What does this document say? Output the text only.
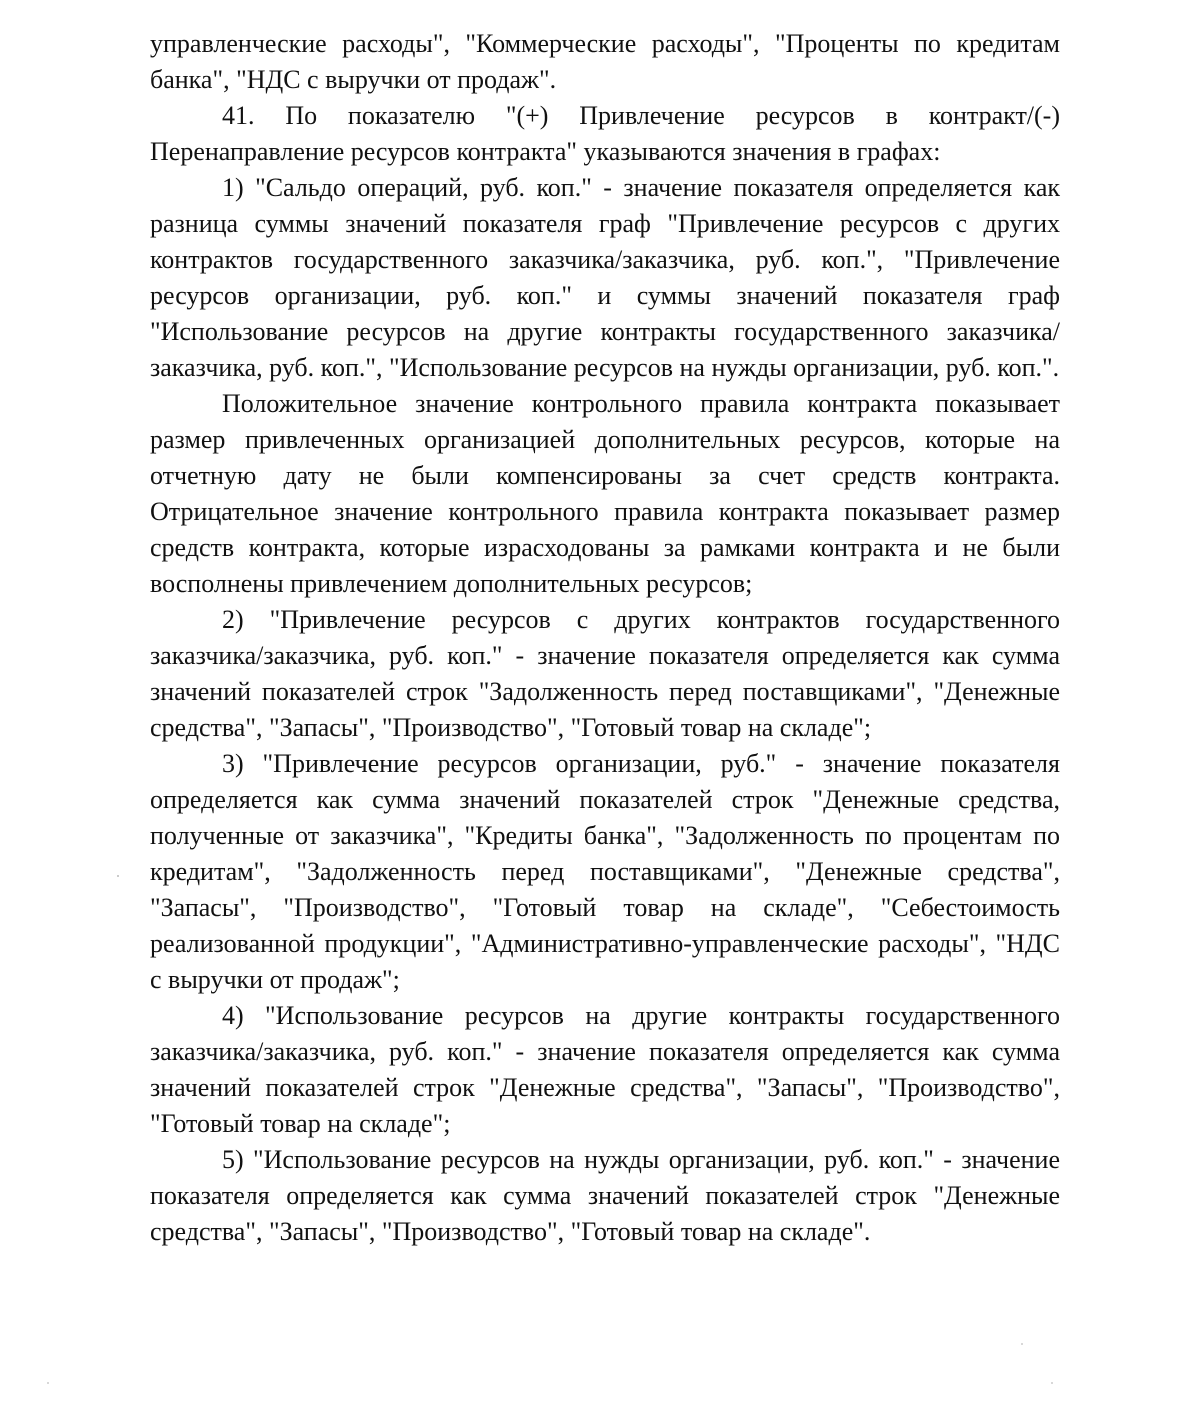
управленческие расходы", "Коммерческие расходы", "Проценты по кредитам банка", "НДС с выручки от продаж".

41. По показателю "(+) Привлечение ресурсов в контракт/(-) Перенаправление ресурсов контракта" указываются значения в графах:

1) "Сальдо операций, руб. коп." - значение показателя определяется как разница суммы значений показателя граф "Привлечение ресурсов с других контрактов государственного заказчика/заказчика, руб. коп.", "Привлечение ресурсов организации, руб. коп." и суммы значений показателя граф "Использование ресурсов на другие контракты государственного заказчика/заказчика, руб. коп.", "Использование ресурсов на нужды организации, руб. коп.".

Положительное значение контрольного правила контракта показывает размер привлеченных организацией дополнительных ресурсов, которые на отчетную дату не были компенсированы за счет средств контракта. Отрицательное значение контрольного правила контракта показывает размер средств контракта, которые израсходованы за рамками контракта и не были восполнены привлечением дополнительных ресурсов;

2) "Привлечение ресурсов с других контрактов государственного заказчика/заказчика, руб. коп." - значение показателя определяется как сумма значений показателей строк "Задолженность перед поставщиками", "Денежные средства", "Запасы", "Производство", "Готовый товар на складе";

3) "Привлечение ресурсов организации, руб." - значение показателя определяется как сумма значений показателей строк "Денежные средства, полученные от заказчика", "Кредиты банка", "Задолженность по процентам по кредитам", "Задолженность перед поставщиками", "Денежные средства", "Запасы", "Производство", "Готовый товар на складе", "Себестоимость реализованной продукции", "Административно-управленческие расходы", "НДС с выручки от продаж";

4) "Использование ресурсов на другие контракты государственного заказчика/заказчика, руб. коп." - значение показателя определяется как сумма значений показателей строк "Денежные средства", "Запасы", "Производство", "Готовый товар на складе";

5) "Использование ресурсов на нужды организации, руб. коп." - значение показателя определяется как сумма значений показателей строк "Денежные средства", "Запасы", "Производство", "Готовый товар на складе".
